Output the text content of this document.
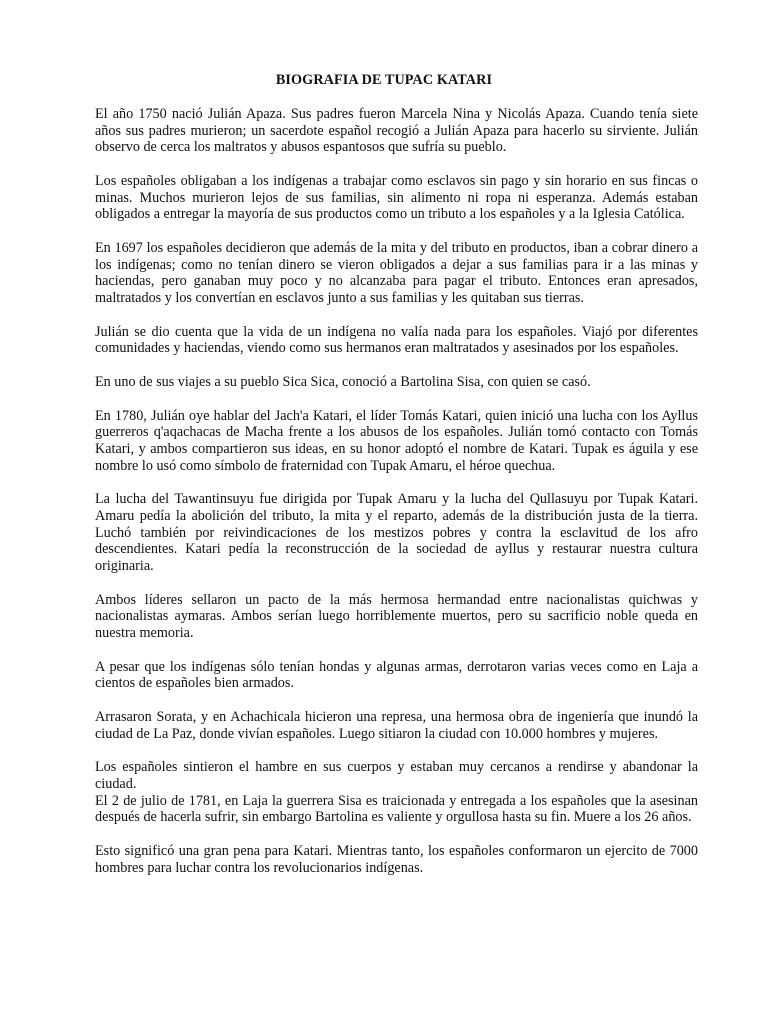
BIOGRAFIA DE TUPAC KATARI

El año 1750 nació Julián Apaza. Sus padres fueron Marcela Nina y Nicolás Apaza. Cuando tenía siete años sus padres murieron; un sacerdote español recogió a Julián Apaza para hacerlo su sirviente. Julián observo de cerca los maltratos y abusos espantosos que sufría su pueblo.

Los españoles obligaban a los indígenas a trabajar como esclavos sin pago y sin horario en sus fincas o minas. Muchos murieron lejos de sus familias, sin alimento ni ropa ni esperanza. Además estaban obligados a entregar la mayoría de sus productos como un tributo a los españoles y a la Iglesia Católica.

En 1697 los españoles decidieron que además de la mita y del tributo en productos, iban a cobrar dinero a los indígenas; como no tenían dinero se vieron obligados a dejar a sus familias para ir a las minas y haciendas, pero ganaban muy poco y no alcanzaba para pagar el tributo. Entonces eran apresados, maltratados y los convertían en esclavos junto a sus familias y les quitaban sus tierras.

Julián se dio cuenta que la vida de un indígena no valía nada para los españoles. Viajó por diferentes comunidades y haciendas, viendo como sus hermanos eran maltratados y asesinados por los españoles.

En uno de sus viajes a su pueblo Sica Sica, conoció a Bartolina Sisa, con quien se casó.

En 1780, Julián oye hablar del Jach'a Katari, el líder Tomás Katari, quien inició una lucha con los Ayllus guerreros q'aqachacas de Macha frente a los abusos de los españoles. Julián tomó contacto con Tomás Katari, y ambos compartieron sus ideas, en su honor adoptó el nombre de Katari. Tupak es águila y ese nombre lo usó como símbolo de fraternidad con Tupak Amaru, el héroe quechua.

La lucha del Tawantinsuyu fue dirigida por Tupak Amaru y la lucha del Qullasuyu por Tupak Katari. Amaru pedía la abolición del tributo, la mita y el reparto, además de la distribución justa de la tierra. Luchó también por reivindicaciones de los mestizos pobres y contra la esclavitud de los afro descendientes. Katari pedía la reconstrucción de la sociedad de ayllus y restaurar nuestra cultura originaria.

Ambos líderes sellaron un pacto de la más hermosa hermandad entre nacionalistas quichwas y nacionalistas aymaras. Ambos serían luego horriblemente muertos, pero su sacrificio noble queda en nuestra memoria.

A pesar que los indígenas sólo tenían hondas y algunas armas, derrotaron varias veces como en Laja a cientos de españoles bien armados.

Arrasaron Sorata, y en Achachicala hicieron una represa, una hermosa obra de ingeniería que inundó la ciudad de La Paz, donde vivían españoles. Luego sitiaron la ciudad con 10.000 hombres y mujeres.

Los españoles sintieron el hambre en sus cuerpos y estaban muy cercanos a rendirse y abandonar la ciudad.

El 2 de julio de 1781, en Laja la guerrera Sisa es traicionada y entregada a los españoles que la asesinan después de hacerla sufrir, sin embargo Bartolina es valiente y orgullosa hasta su fin. Muere a los 26 años.

Esto significó una gran pena para Katari. Mientras tanto, los españoles conformaron un ejercito de 7000 hombres para luchar contra los revolucionarios indígenas.
